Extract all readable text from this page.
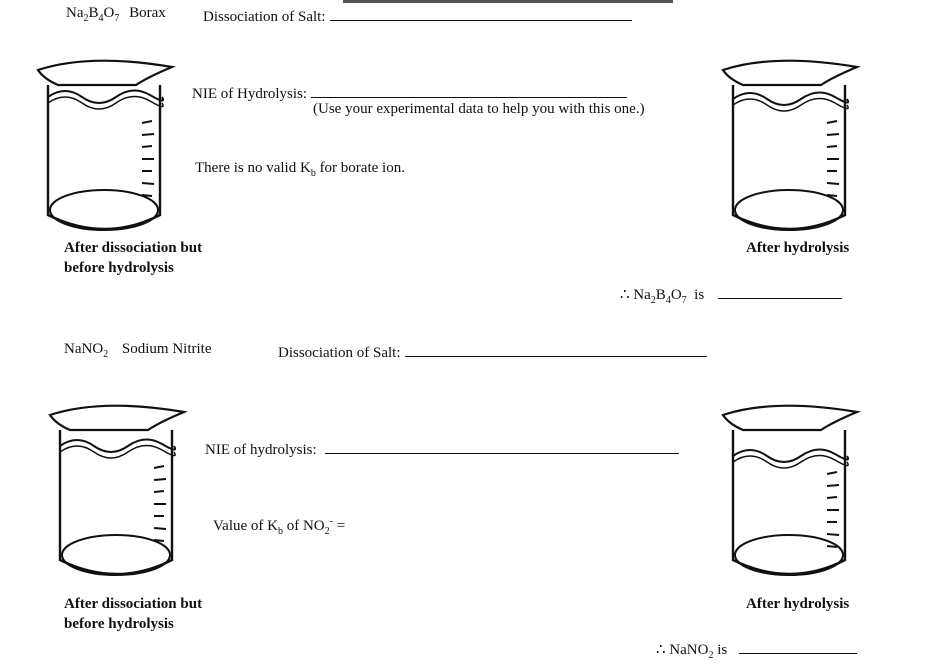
$Na_2B_4O_7$ Borax Dissociation of Salt:
NIE of Hydrolysis:
(Use your experimental data to help you with this one.)
There is no valid $K_b$ for borate ion.
After dissociation but
before hydrolysis
After hydrolysis
∴ $Na_2B_4O_7$  is
NaNO$_2$ Sodium Nitrite	Dissociation of Salt:
NIE of hydrolysis:
Value of $K_b$ of $NO_2^-$ =
After dissociation but
before hydrolysis
After hydrolysis
∴ NaNO$_2$ is
